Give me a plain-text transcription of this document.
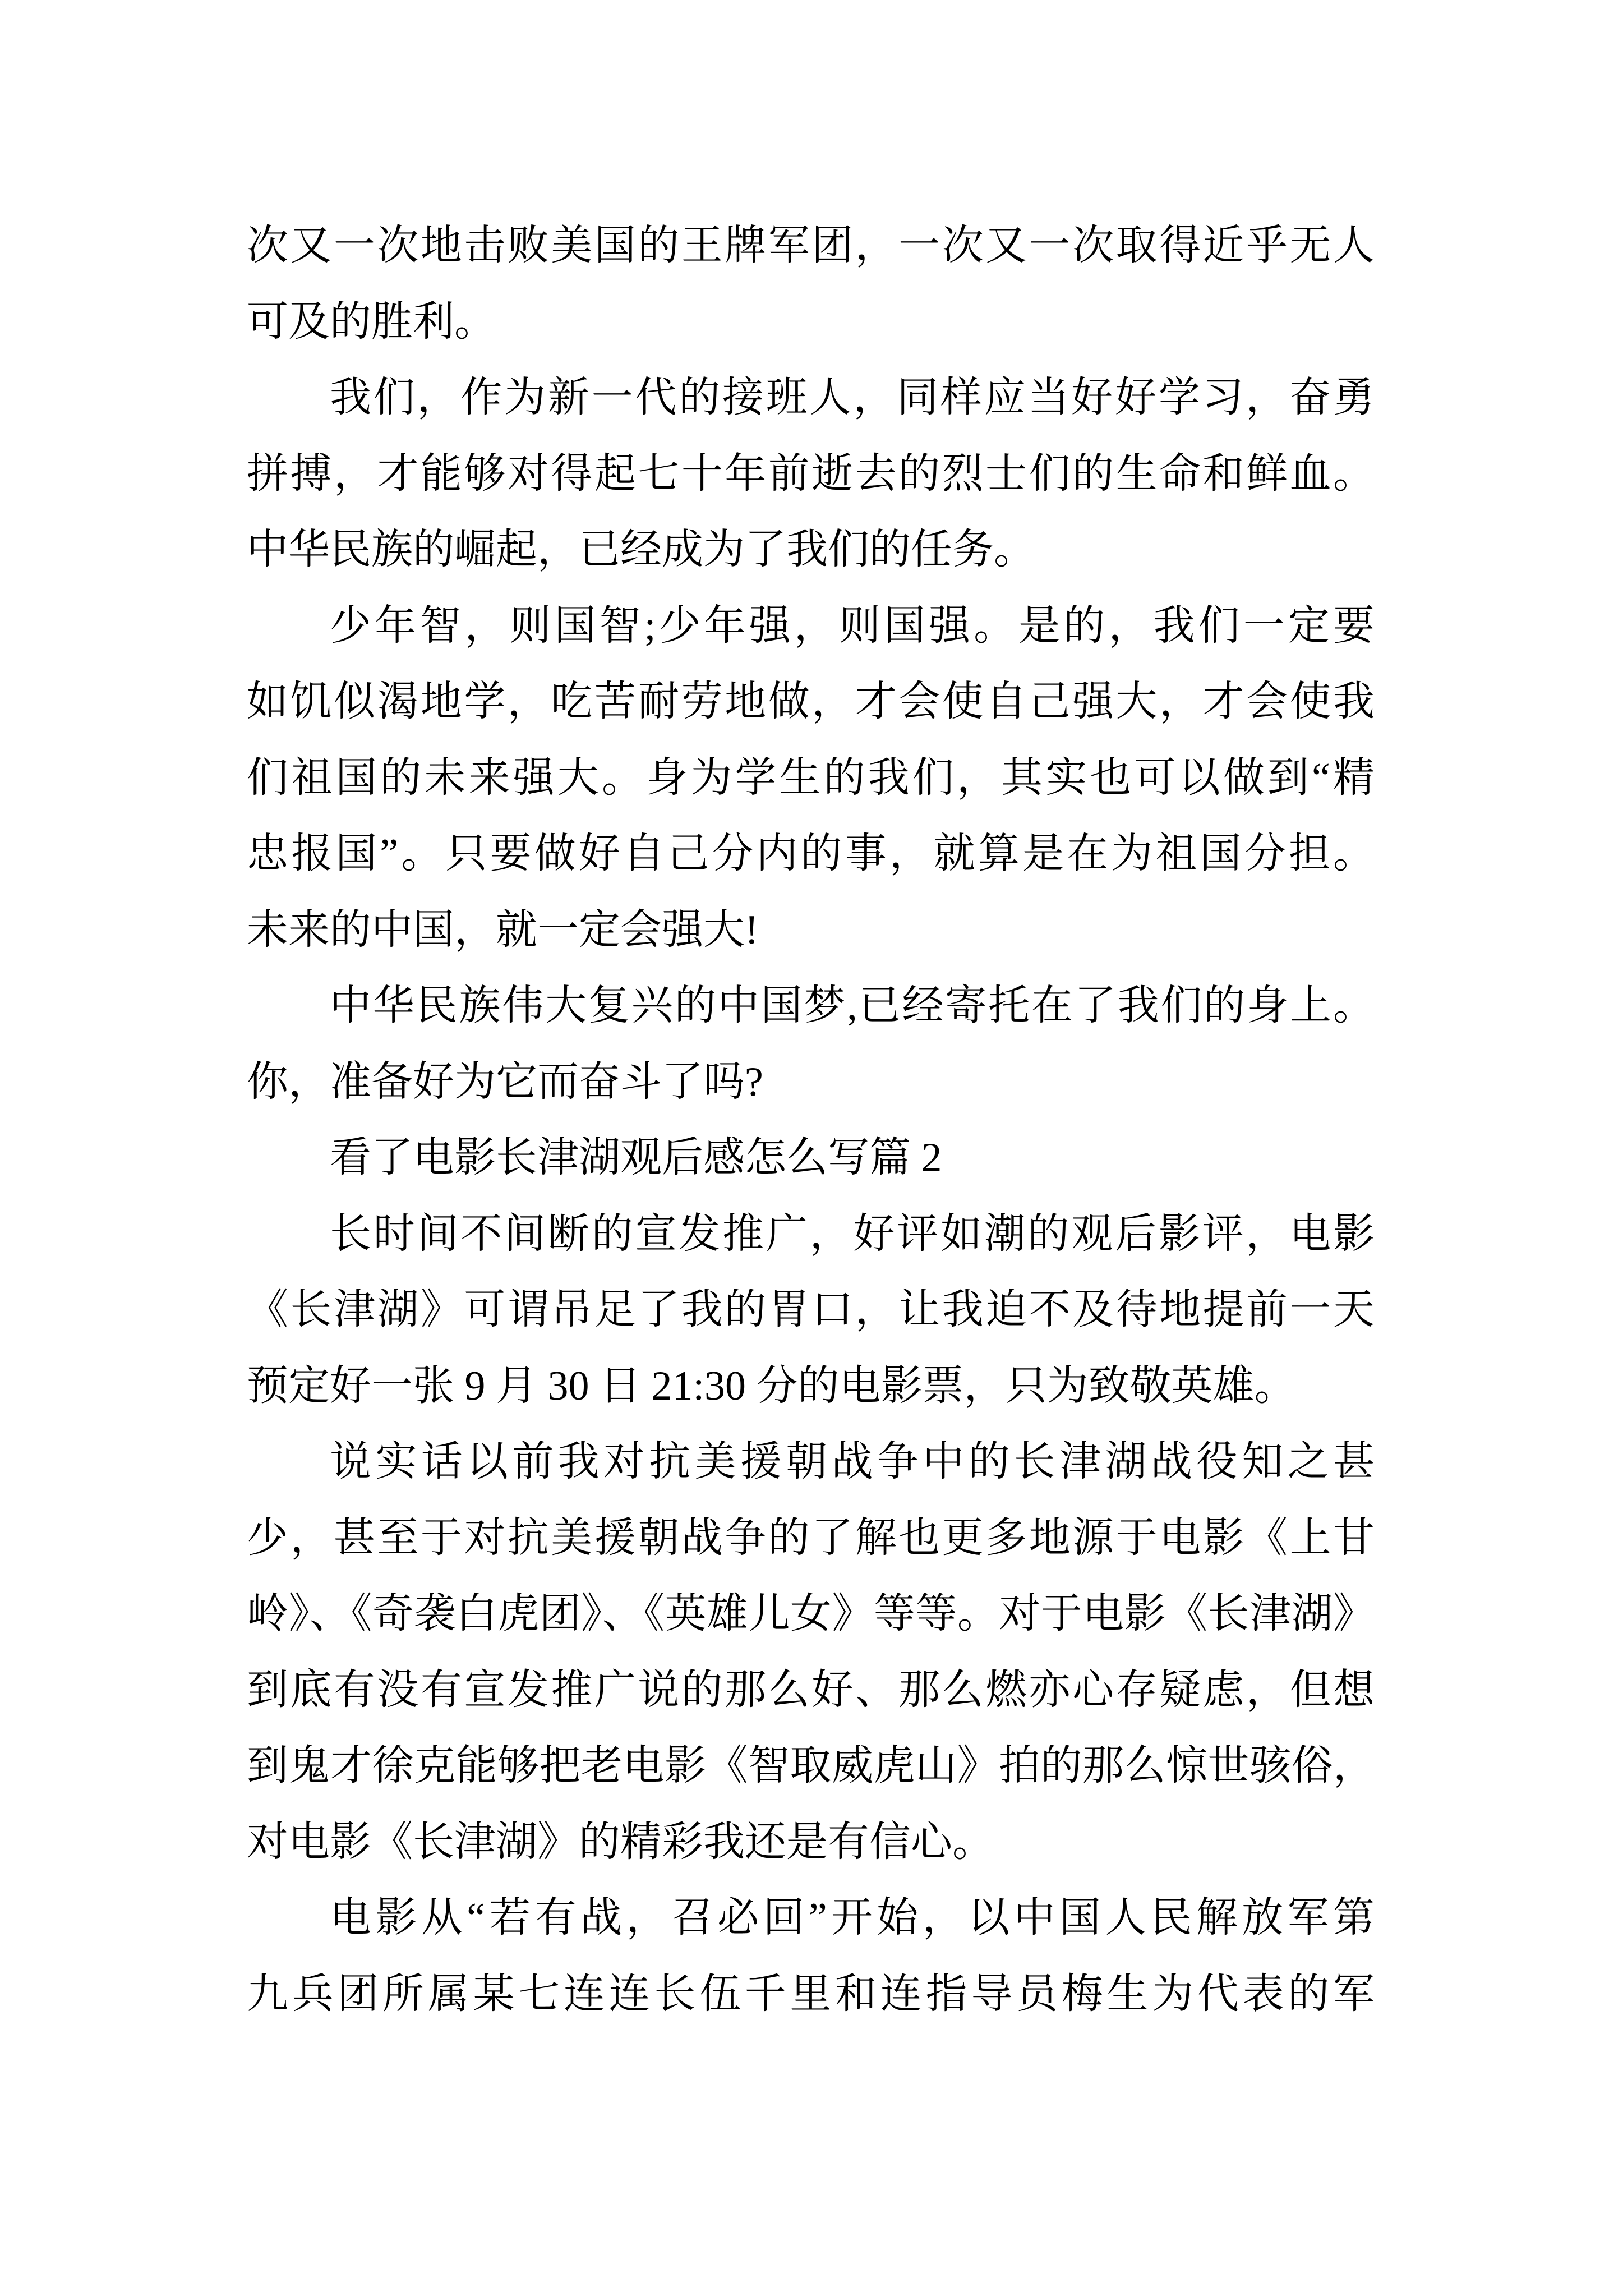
次又一次地击败美国的王牌军团，一次又一次取得近乎无人
可及的胜利。
我们，作为新一代的接班人，同样应当好好学习，奋勇
拼搏，才能够对得起七十年前逝去的烈士们的生命和鲜血。
中华民族的崛起，已经成为了我们的任务。
少年智，则国智;少年强，则国强。是的，我们一定要
如饥似渴地学，吃苦耐劳地做，才会使自己强大，才会使我
们祖国的未来强大。身为学生的我们，其实也可以做到“精
忠报国”。只要做好自己分内的事，就算是在为祖国分担。
未来的中国，就一定会强大!
中华民族伟大复兴的中国梦,已经寄托在了我们的身上。
你，准备好为它而奋斗了吗?
看了电影长津湖观后感怎么写篇 2
长时间不间断的宣发推广，好评如潮的观后影评，电影
《长津湖》可谓吊足了我的胃口，让我迫不及待地提前一天
预定好一张 9 月 30 日 21:30 分的电影票，只为致敬英雄。
说实话以前我对抗美援朝战争中的长津湖战役知之甚
少，甚至于对抗美援朝战争的了解也更多地源于电影《上甘
岭》、《奇袭白虎团》、《英雄儿女》等等。对于电影《长津湖》
到底有没有宣发推广说的那么好、那么燃亦心存疑虑，但想
到鬼才徐克能够把老电影《智取威虎山》拍的那么惊世骇俗，
对电影《长津湖》的精彩我还是有信心。
电影从“若有战，召必回”开始，以中国人民解放军第
九兵团所属某七连连长伍千里和连指导员梅生为代表的军
